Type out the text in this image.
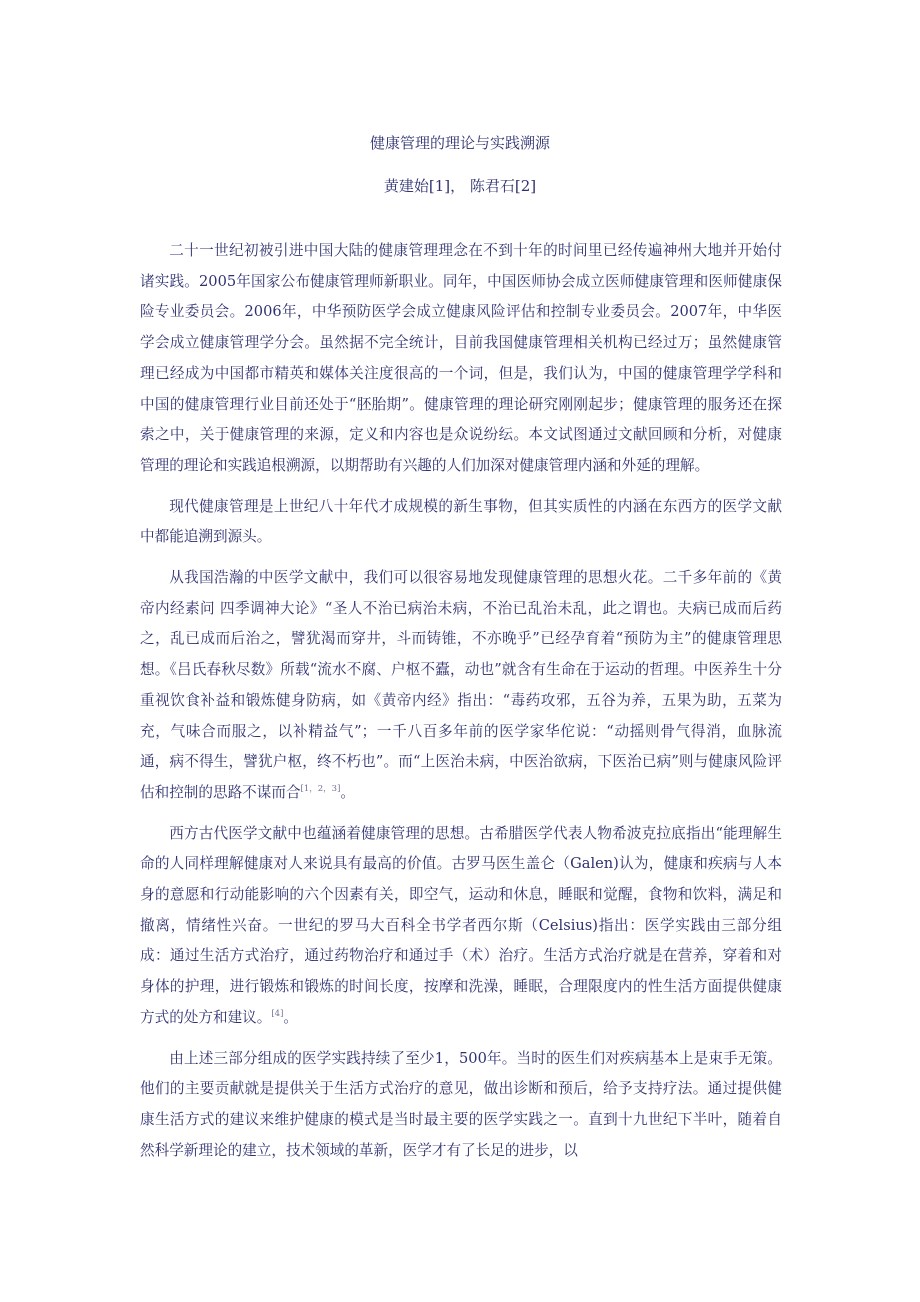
健康管理的理论与实践溯源
黄建始[1]， 陈君石[2]

二十一世纪初被引进中国大陆的健康管理理念在不到十年的时间里已经传遍神州大地并开始付诸实践。2005年国家公布健康管理师新职业。同年，中国医师协会成立医师健康管理和医师健康保险专业委员会。2006年，中华预防医学会成立健康风险评估和控制专业委员会。2007年，中华医学会成立健康管理学分会。虽然据不完全统计，目前我国健康管理相关机构已经过万；虽然健康管理已经成为中国都市精英和媒体关注度很高的一个词，但是，我们认为，中国的健康管理学学科和中国的健康管理行业目前还处于“胚胎期”。健康管理的理论研究刚刚起步；健康管理的服务还在探索之中，关于健康管理的来源，定义和内容也是众说纷纭。本文试图通过文献回顾和分析，对健康管理的理论和实践追根溯源，以期帮助有兴趣的人们加深对健康管理内涵和外延的理解。

现代健康管理是上世纪八十年代才成规模的新生事物，但其实质性的内涵在东西方的医学文献中都能追溯到源头。

从我国浩瀚的中医学文献中，我们可以很容易地发现健康管理的思想火花。二千多年前的《黄帝内经素问 四季调神大论》“圣人不治已病治未病，不治已乱治未乱，此之谓也。夫病已成而后药之，乱已成而后治之，譬犹渴而穿井，斗而铸锥，不亦晚乎”已经孕育着“预防为主”的健康管理思想。《吕氏春秋尽数》所载“流水不腐、户枢不蠹，动也”就含有生命在于运动的哲理。中医养生十分重视饮食补益和锻炼健身防病，如《黄帝内经》指出：“毒药攻邪，五谷为养，五果为助，五菜为充，气味合而服之，以补精益气”；一千八百多年前的医学家华佗说：“动摇则骨气得消，血脉流通，病不得生，譬犹户枢，终不朽也”。而“上医治未病，中医治欲病，下医治已病”则与健康风险评估和控制的思路不谋而合[1，2，3]。

西方古代医学文献中也蕴涵着健康管理的思想。古希腊医学代表人物希波克拉底指出“能理解生命的人同样理解健康对人来说具有最高的价值。古罗马医生盖仑（Galen)认为，健康和疾病与人本身的意愿和行动能影响的六个因素有关，即空气，运动和休息，睡眠和觉醒，食物和饮料，满足和撤离，情绪性兴奋。一世纪的罗马大百科全书学者西尔斯（Celsius)指出：医学实践由三部分组成：通过生活方式治疗，通过药物治疗和通过手（术）治疗。生活方式治疗就是在营养，穿着和对身体的护理，进行锻炼和锻炼的时间长度，按摩和洗澡，睡眠，合理限度内的性生活方面提供健康方式的处方和建议。[4]。

由上述三部分组成的医学实践持续了至少1，500年。当时的医生们对疾病基本上是束手无策。他们的主要贡献就是提供关于生活方式治疗的意见，做出诊断和预后，给予支持疗法。通过提供健康生活方式的建议来维护健康的模式是当时最主要的医学实践之一。直到十九世纪下半叶，随着自然科学新理论的建立，技术领域的革新，医学才有了长足的进步，以
